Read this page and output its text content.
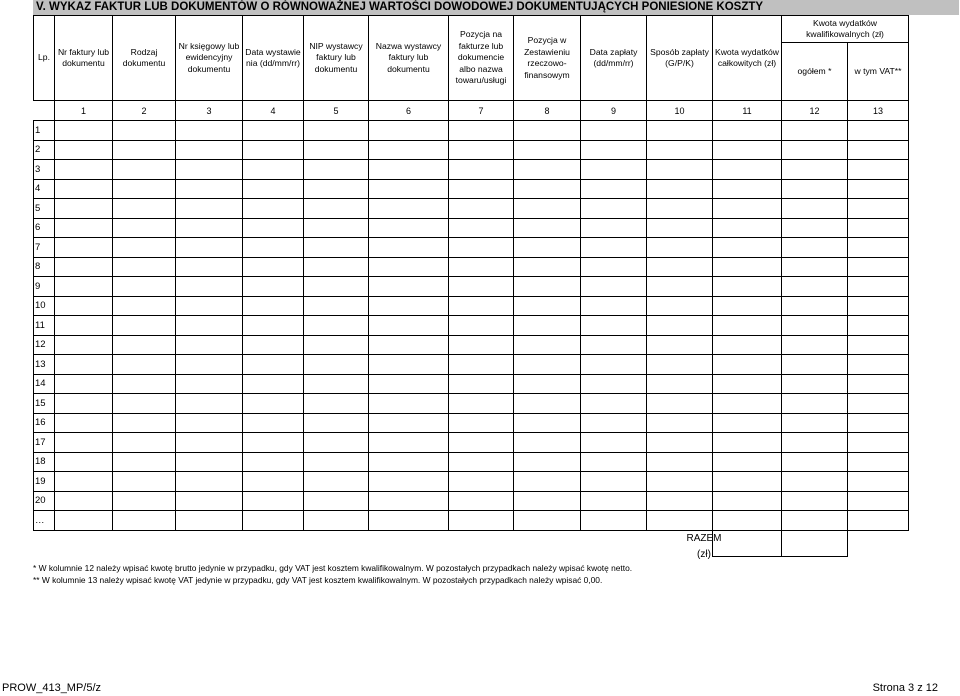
V. WYKAZ FAKTUR LUB DOKUMENTÓW O RÓWNOWAŻNEJ WARTOŚCI DOWODOWEJ DOKUMENTUJĄCYCH PONIESIONE KOSZTY
Lp.	Nr faktury lub dokumentu	Rodzaj dokumentu	Nr księgowy lub ewidencyjny dokumentu	Data wystawie nia (dd/mm/rr)	NIP wystawcy faktury lub dokumentu	Nazwa wystawcy faktury lub dokumentu	Pozycja na fakturze lub dokumencie albo nazwa towaru/usługi	Pozycja w Zestawieniu rzeczowo- finansowym	Data zapłaty (dd/mm/rr)	Sposób zapłaty (G/P/K)	Kwota wydatków całkowitych (zł)	Kwota wydatków kwalifikowalnych (zł)	
												ogółem *	w tym VAT**
	1	2	3	4	5	6	7	8	9	10	11	12	13
1													
2													
3													
4													
5													
6													
7													
8													
9													
10													
11													
12													
13													
14													
15													
16													
17													
18													
19													
20													
…													

RAZEM
(zł)
* W kolumnie 12 należy wpisać kwotę brutto jedynie w przypadku, gdy VAT jest kosztem kwalifikowalnym. W pozostałych przypadkach należy wpisać kwotę netto.
** W kolumnie 13 należy wpisać kwotę VAT jedynie w przypadku, gdy VAT jest kosztem kwalifikowalnym. W pozostałych przypadkach należy wpisać 0,00.
PROW_413_MP/5/z	Strona 3 z 12
